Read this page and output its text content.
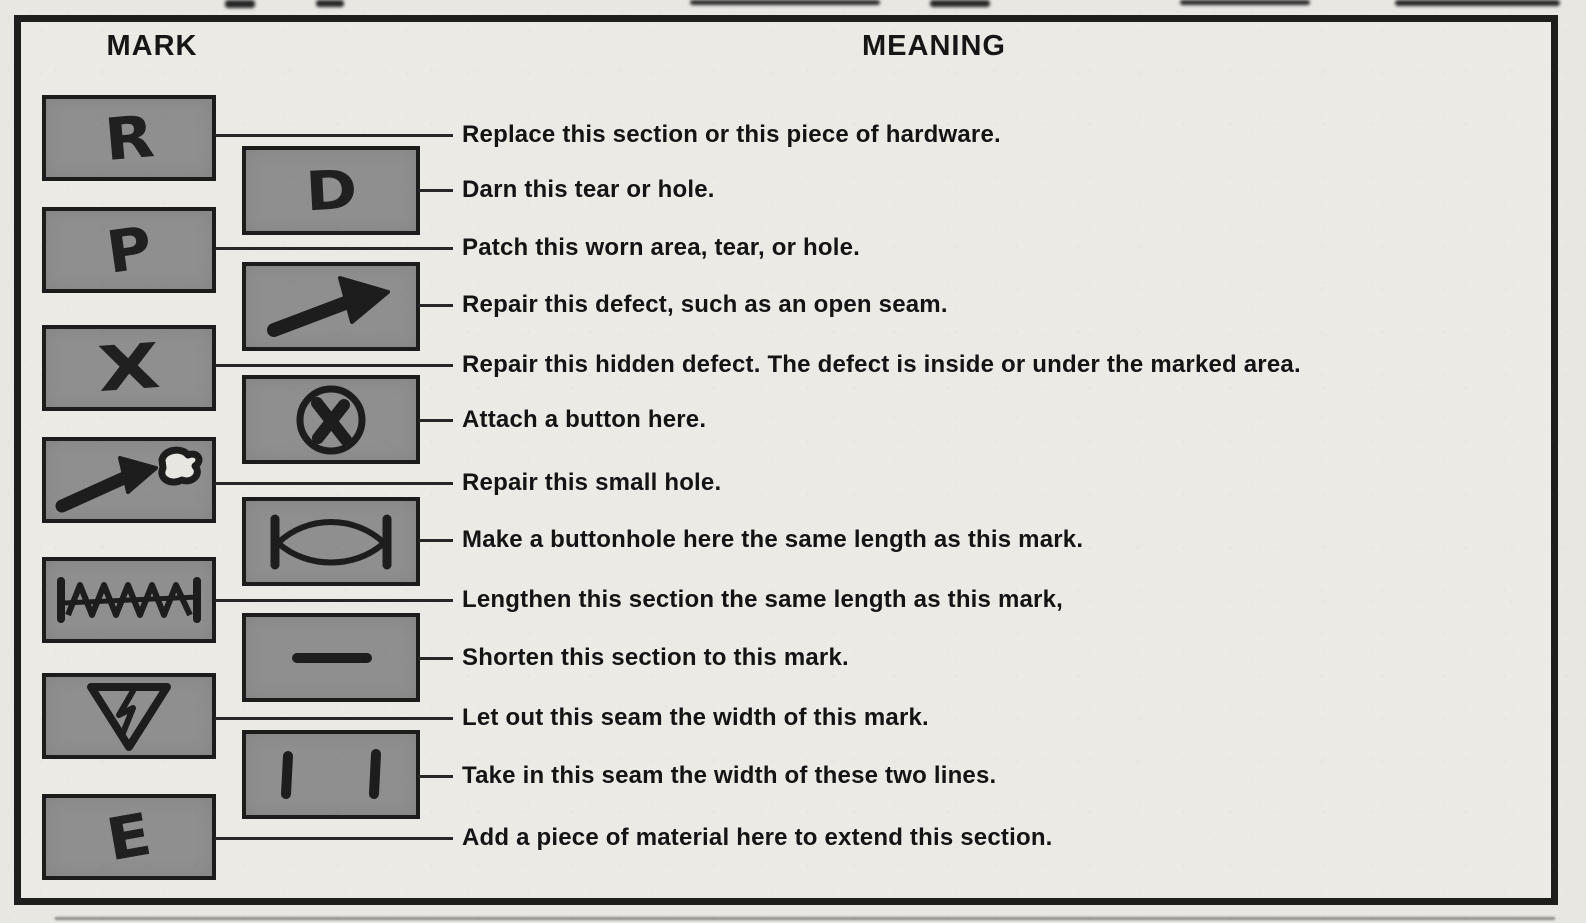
MARK	MEANING
R
P
X
E
D
Replace this section or this piece of hardware.
Darn this tear or hole.
Patch this worn area, tear, or hole.
Repair this defect, such as an open seam.
Repair this hidden defect. The defect is inside or under the marked area.
Attach a button here.
Repair this small hole.
Make a buttonhole here the same length as this mark.
Lengthen this section the same length as this mark,
Shorten this section to this mark.
Let out this seam the width of this mark.
Take in this seam the width of these two lines.
Add a piece of material here to extend this section.
